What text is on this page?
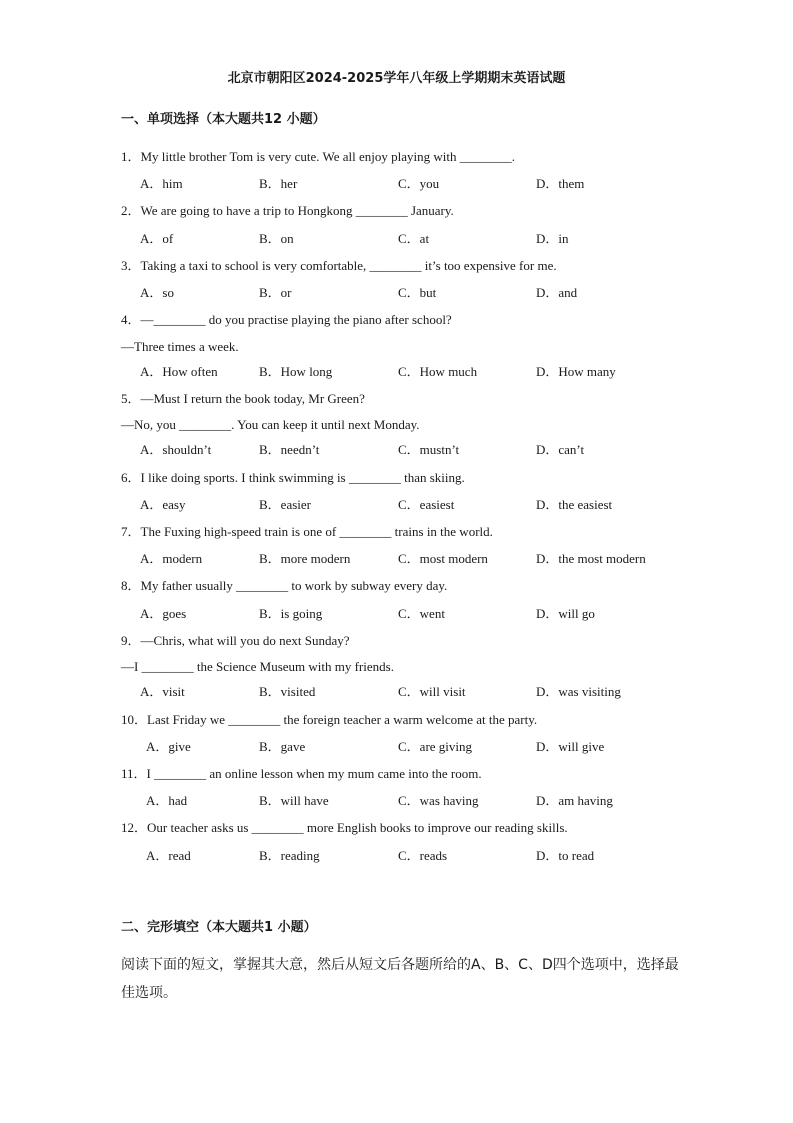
北京市朝阳区2024-2025学年八年级上学期期末英语试题
一、单项选择（本大题共12 小题）
1．My little brother Tom is very cute. We all enjoy playing with ________.
A．him	B．her	C．you	D．them
2．We are going to have a trip to Hongkong ________ January.
A．of	B．on	C．at	D．in
3．Taking a taxi to school is very comfortable, ________ it’s too expensive for me.
A．so	B．or	C．but	D．and
4．—________ do you practise playing the piano after school?
—Three times a week.
A．How often	B．How long	C．How much	D．How many
5．—Must I return the book today, Mr Green?
—No, you ________. You can keep it until next Monday.
A．shouldn’t	B．needn’t	C．mustn’t	D．can’t
6．I like doing sports. I think swimming is ________ than skiing.
A．easy	B．easier	C．easiest	D．the easiest
7．The Fuxing high-speed train is one of ________ trains in the world.
A．modern	B．more modern	C．most modern	D．the most modern
8．My father usually ________ to work by subway every day.
A．goes	B．is going	C．went	D．will go
9．—Chris, what will you do next Sunday?
—I ________ the Science Museum with my friends.
A．visit	B．visited	C．will visit	D．was visiting
10．Last Friday we ________ the foreign teacher a warm welcome at the party.
A．give	B．gave	C．are giving	D．will give
11．I ________ an online lesson when my mum came into the room.
A．had	B．will have	C．was having	D．am having
12．Our teacher asks us ________ more English books to improve our reading skills.
A．read	B．reading	C．reads	D．to read
二、完形填空（本大题共1 小题）
阅读下面的短文，掌握其大意，然后从短文后各题所给的A、B、C、D四个选项中，选择最佳选项。
